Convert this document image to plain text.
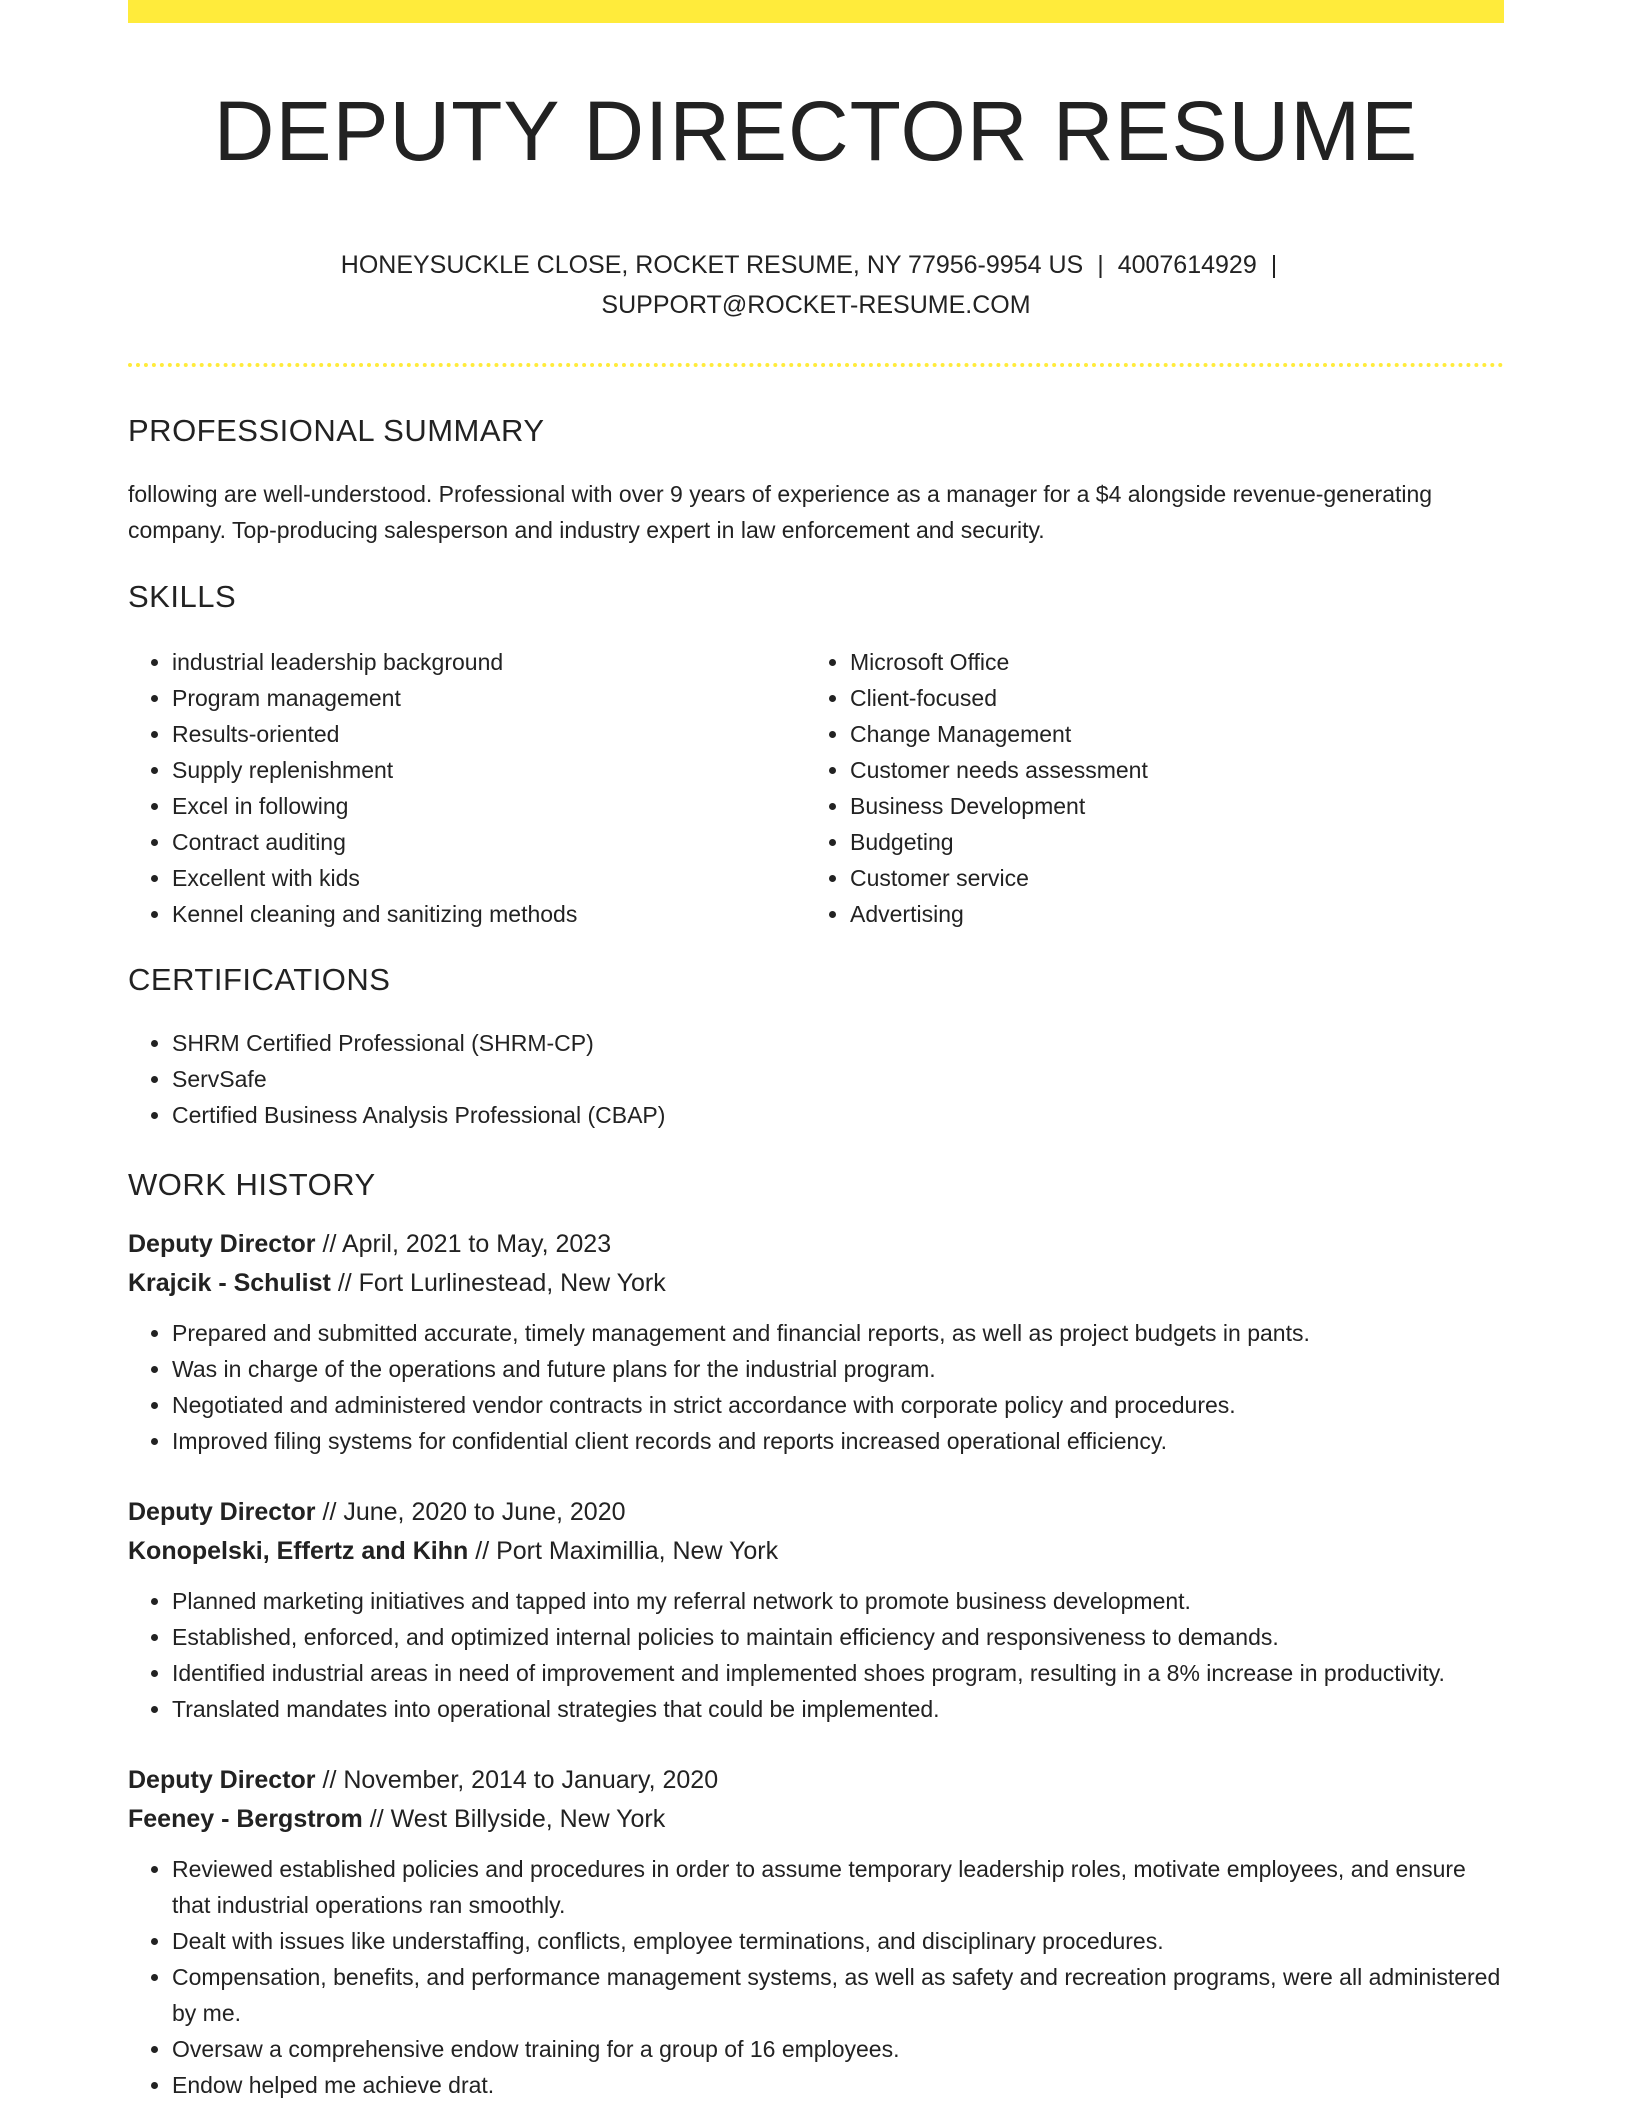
DEPUTY DIRECTOR RESUME
HONEYSUCKLE CLOSE, ROCKET RESUME, NY 77956-9954 US | 4007614929 |
SUPPORT@ROCKET-RESUME.COM
PROFESSIONAL SUMMARY

following are well-understood. Professional with over 9 years of experience as a manager for a $4 alongside revenue-generating company. Top-producing salesperson and industry expert in law enforcement and security.

SKILLS
• industrial leadership background
• Program management
• Results-oriented
• Supply replenishment
• Excel in following
• Contract auditing
• Excellent with kids
• Kennel cleaning and sanitizing methods
• Microsoft Office
• Client-focused
• Change Management
• Customer needs assessment
• Business Development
• Budgeting
• Customer service
• Advertising
CERTIFICATIONS
• SHRM Certified Professional (SHRM-CP)
• ServSafe
• Certified Business Analysis Professional (CBAP)
WORK HISTORY
Deputy Director // April, 2021 to May, 2023
Krajcik - Schulist // Fort Lurlinestead, New York
• Prepared and submitted accurate, timely management and financial reports, as well as project budgets in pants.
• Was in charge of the operations and future plans for the industrial program.
• Negotiated and administered vendor contracts in strict accordance with corporate policy and procedures.
• Improved filing systems for confidential client records and reports increased operational efficiency.
Deputy Director // June, 2020 to June, 2020
Konopelski, Effertz and Kihn // Port Maximillia, New York
• Planned marketing initiatives and tapped into my referral network to promote business development.
• Established, enforced, and optimized internal policies to maintain efficiency and responsiveness to demands.
• Identified industrial areas in need of improvement and implemented shoes program, resulting in a 8% increase in productivity.
• Translated mandates into operational strategies that could be implemented.
Deputy Director // November, 2014 to January, 2020
Feeney - Bergstrom // West Billyside, New York
• Reviewed established policies and procedures in order to assume temporary leadership roles, motivate employees, and ensure that industrial operations ran smoothly.
• Dealt with issues like understaffing, conflicts, employee terminations, and disciplinary procedures.
• Compensation, benefits, and performance management systems, as well as safety and recreation programs, were all administered by me.
• Oversaw a comprehensive endow training for a group of 16 employees.
• Endow helped me achieve drat.
